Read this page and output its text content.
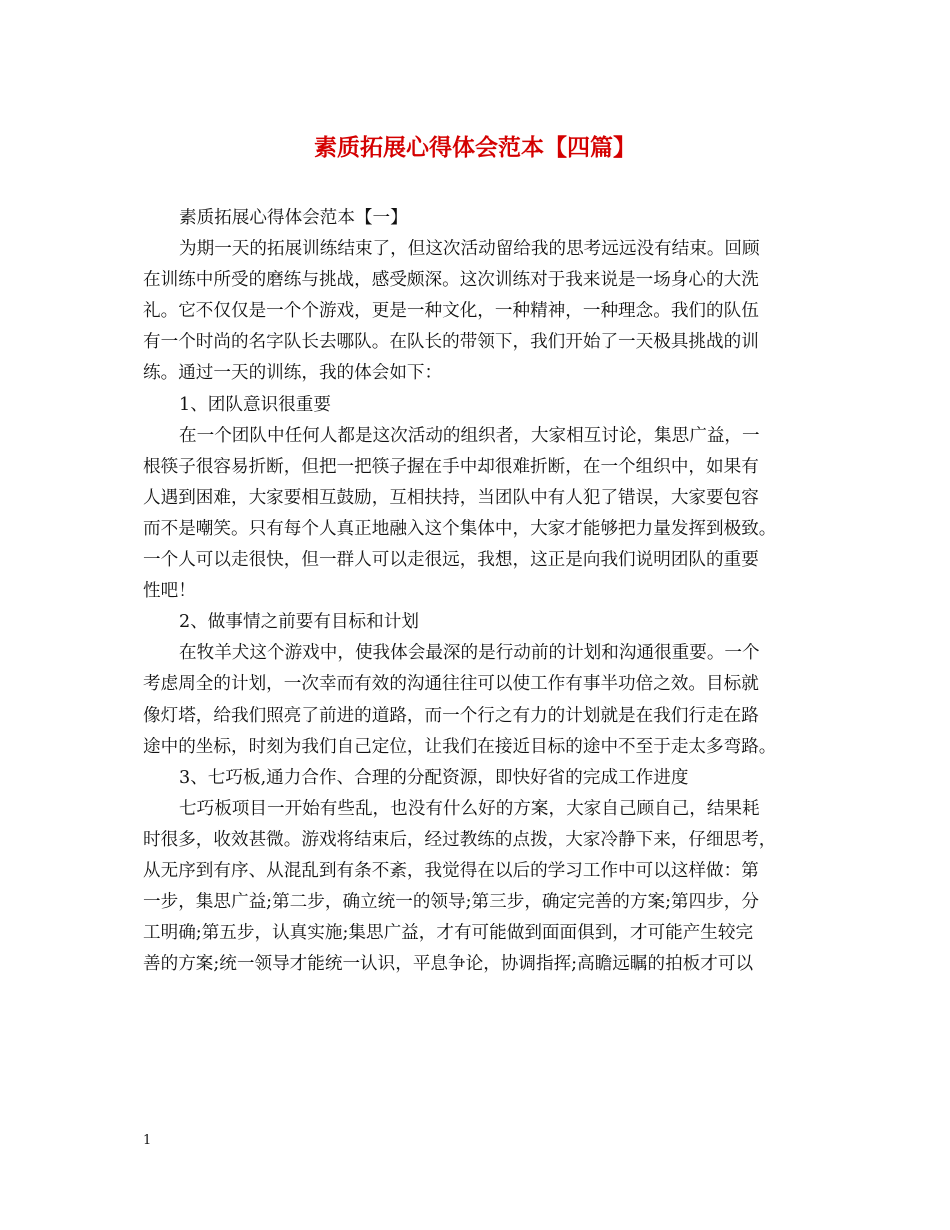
素质拓展心得体会范本【四篇】
素质拓展心得体会范本【一】
为期一天的拓展训练结束了，但这次活动留给我的思考远远没有结束。回顾
在训练中所受的磨练与挑战，感受颇深。这次训练对于我来说是一场身心的大洗
礼。它不仅仅是一个个游戏，更是一种文化，一种精神，一种理念。我们的队伍
有一个时尚的名字队长去哪队。在队长的带领下，我们开始了一天极具挑战的训
练。通过一天的训练，我的体会如下：
1、团队意识很重要
在一个团队中任何人都是这次活动的组织者，大家相互讨论，集思广益，一
根筷子很容易折断，但把一把筷子握在手中却很难折断，在一个组织中，如果有
人遇到困难，大家要相互鼓励，互相扶持，当团队中有人犯了错误，大家要包容
而不是嘲笑。只有每个人真正地融入这个集体中，大家才能够把力量发挥到极致。
一个人可以走很快，但一群人可以走很远，我想，这正是向我们说明团队的重要
性吧！
2、做事情之前要有目标和计划
在牧羊犬这个游戏中，使我体会最深的是行动前的计划和沟通很重要。一个
考虑周全的计划，一次幸而有效的沟通往往可以使工作有事半功倍之效。目标就
像灯塔，给我们照亮了前进的道路，而一个行之有力的计划就是在我们行走在路
途中的坐标，时刻为我们自己定位，让我们在接近目标的途中不至于走太多弯路。
3、七巧板,通力合作、合理的分配资源，即快好省的完成工作进度
七巧板项目一开始有些乱，也没有什么好的方案，大家自己顾自己，结果耗
时很多，收效甚微。游戏将结束后，经过教练的点拨，大家冷静下来，仔细思考，
从无序到有序、从混乱到有条不紊，我觉得在以后的学习工作中可以这样做：第
一步，集思广益;第二步，确立统一的领导;第三步，确定完善的方案;第四步，分
工明确;第五步，认真实施;集思广益，才有可能做到面面俱到，才可能产生较完
善的方案;统一领导才能统一认识，平息争论，协调指挥;高瞻远瞩的拍板才可以
1
